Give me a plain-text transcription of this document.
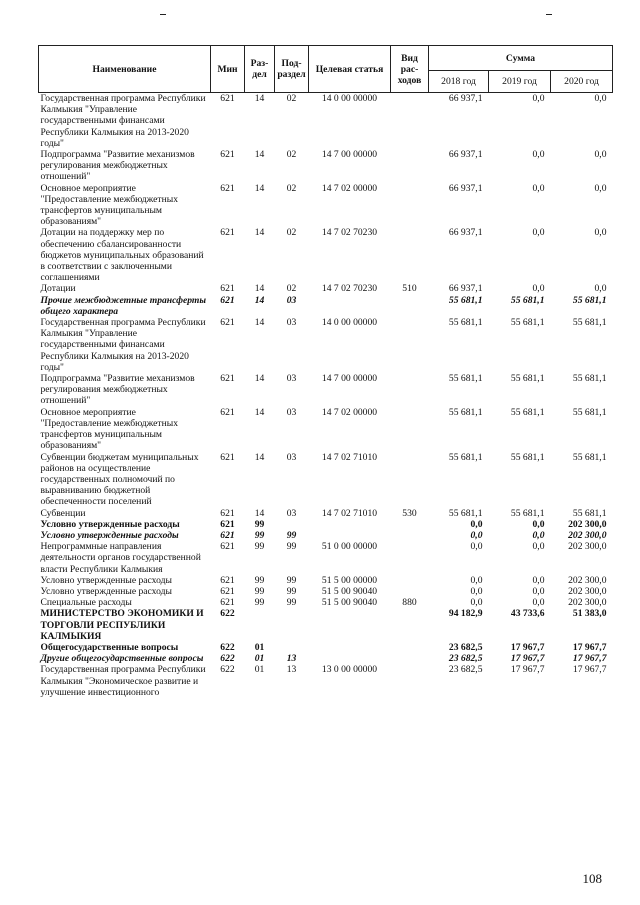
Наименование	Мин	Раз-дел	Под-раздел	Целевая статья	Вид рас-ходов	Сумма		
						2018 год	2019 год	2020 год
Государственная программа Республики Калмыкия "Управление государственными финансами Республики Калмыкия на 2013-2020 годы"	621	14	02	14 0 00 00000		66 937,1	0,0	0,0
Подпрограмма "Развитие механизмов регулирования межбюджетных отношений"	621	14	02	14 7 00 00000		66 937,1	0,0	0,0
Основное мероприятие "Предоставление межбюджетных трансфертов муниципальным образованиям"	621	14	02	14 7 02 00000		66 937,1	0,0	0,0
Дотации на поддержку мер по обеспечению сбалансированности бюджетов муниципальных образований в соответствии с заключенными соглашениями	621	14	02	14 7 02 70230		66 937,1	0,0	0,0
Дотации	621	14	02	14 7 02 70230	510	66 937,1	0,0	0,0
Прочие межбюджетные трансферты общего характера	621	14	03			55 681,1	55 681,1	55 681,1
Государственная программа Республики Калмыкия "Управление государственными финансами Республики Калмыкия на 2013-2020 годы"	621	14	03	14 0 00 00000		55 681,1	55 681,1	55 681,1
Подпрограмма "Развитие механизмов регулирования межбюджетных отношений"	621	14	03	14 7 00 00000		55 681,1	55 681,1	55 681,1
Основное мероприятие "Предоставление межбюджетных трансфертов муниципальным образованиям"	621	14	03	14 7 02 00000		55 681,1	55 681,1	55 681,1
Субвенции бюджетам муниципальных районов на осуществление государственных полномочий по выравниванию бюджетной обеспеченности поселений	621	14	03	14 7 02 71010		55 681,1	55 681,1	55 681,1
Субвенции	621	14	03	14 7 02 71010	530	55 681,1	55 681,1	55 681,1
Условно утвержденные расходы	621	99				0,0	0,0	202 300,0
Условно утвержденные расходы	621	99	99			0,0	0,0	202 300,0
Непрограммные направления деятельности органов государственной власти Республики Калмыкия	621	99	99	51 0 00 00000		0,0	0,0	202 300,0
Условно утвержденные расходы	621	99	99	51 5 00 00000		0,0	0,0	202 300,0
Условно утвержденные расходы	621	99	99	51 5 00 90040		0,0	0,0	202 300,0
Специальные расходы	621	99	99	51 5 00 90040	880	0,0	0,0	202 300,0
МИНИСТЕРСТВО ЭКОНОМИКИ И ТОРГОВЛИ РЕСПУБЛИКИ КАЛМЫКИЯ	622					94 182,9	43 733,6	51 383,0
Общегосударственные вопросы	622	01				23 682,5	17 967,7	17 967,7
Другие общегосударственные вопросы	622	01	13			23 682,5	17 967,7	17 967,7
Государственная программа Республики Калмыкия "Экономическое развитие и улучшение инвестиционного	622	01	13	13 0 00 00000		23 682,5	17 967,7	17 967,7
108
